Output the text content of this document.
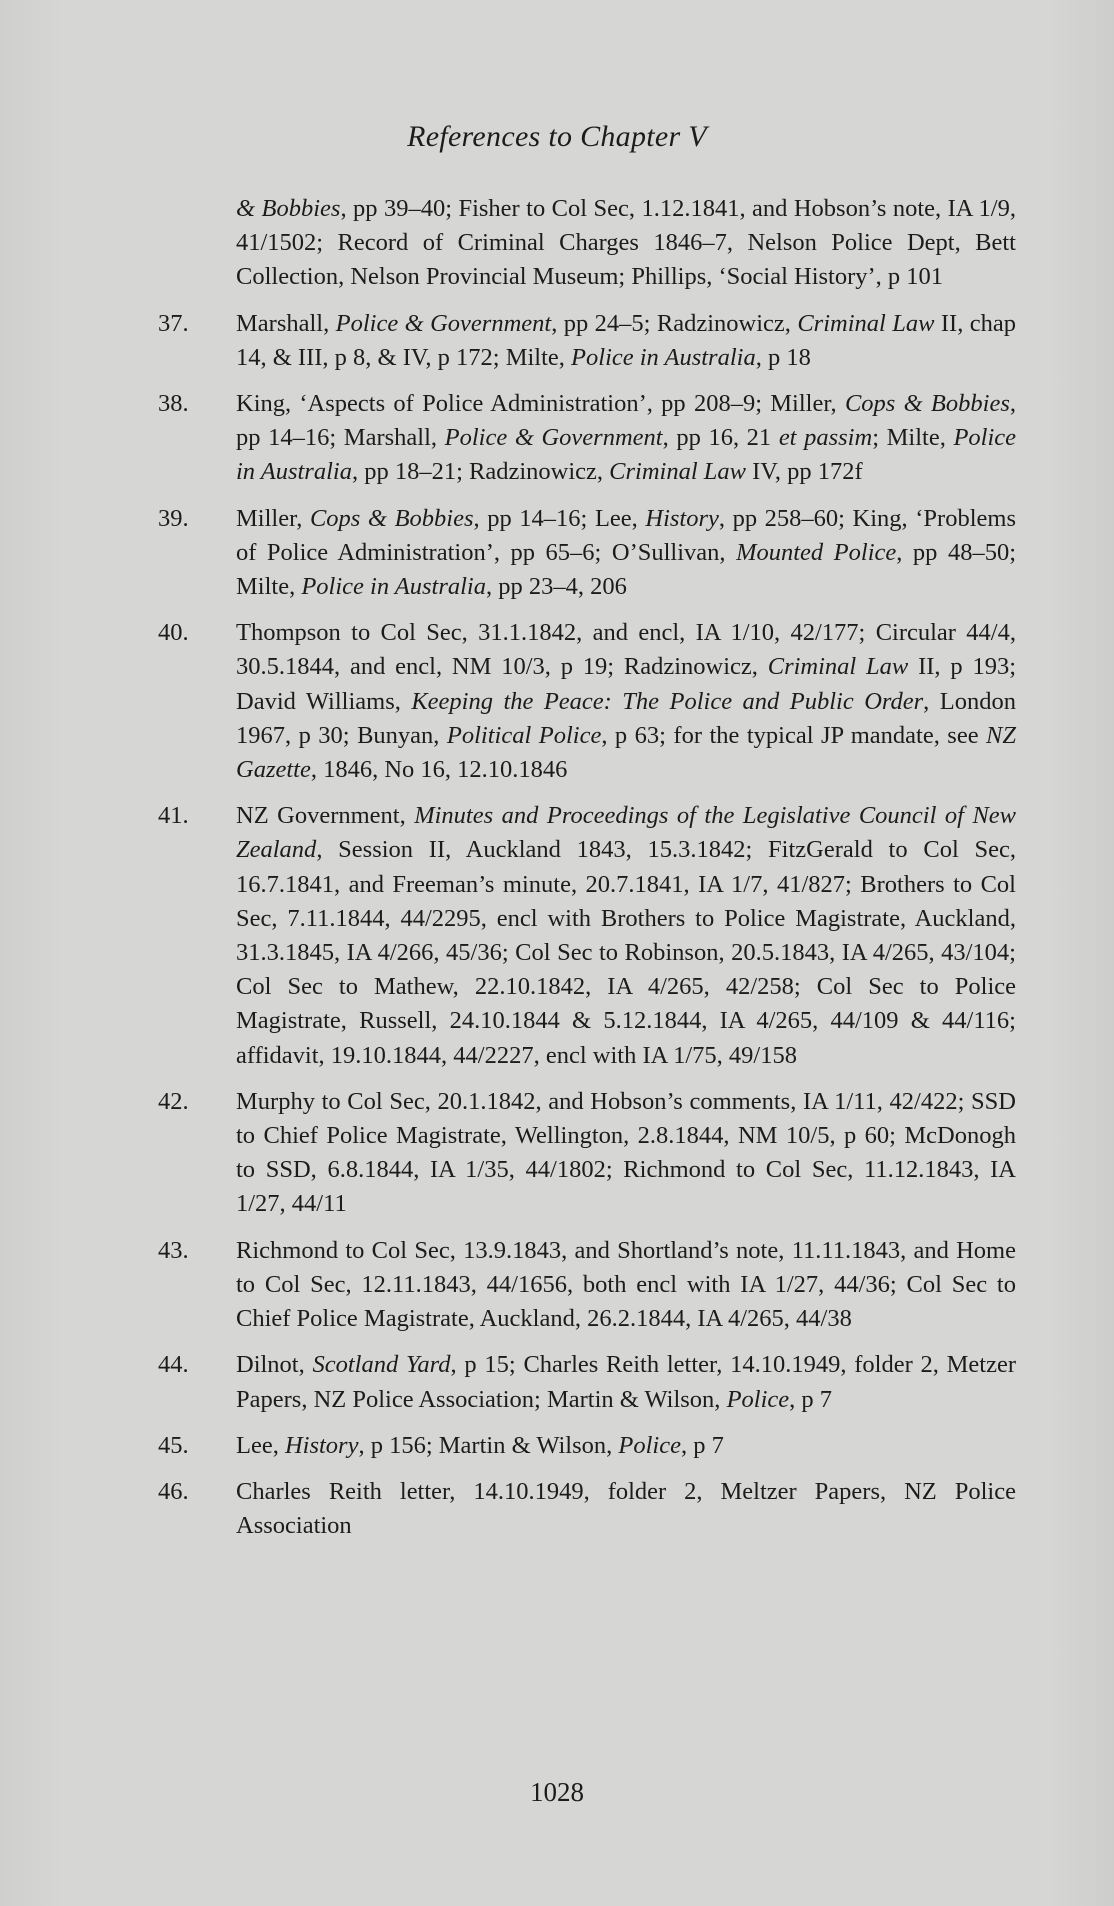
References to Chapter V
& Bobbies, pp 39–40; Fisher to Col Sec, 1.12.1841, and Hobson’s note, IA 1/9, 41/1502; Record of Criminal Charges 1846–7, Nelson Police Dept, Bett Collection, Nelson Provincial Museum; Phillips, ‘Social History’, p 101
37.	Marshall, Police & Government, pp 24–5; Radzinowicz, Criminal Law II, chap 14, & III, p 8, & IV, p 172; Milte, Police in Australia, p 18
38.	King, ‘Aspects of Police Administration’, pp 208–9; Miller, Cops & Bobbies, pp 14–16; Marshall, Police & Government, pp 16, 21 et passim; Milte, Police in Australia, pp 18–21; Radzinowicz, Criminal Law IV, pp 172f
39.	Miller, Cops & Bobbies, pp 14–16; Lee, History, pp 258–60; King, ‘Problems of Police Administration’, pp 65–6; O’Sullivan, Mounted Police, pp 48–50; Milte, Police in Australia, pp 23–4, 206
40.	Thompson to Col Sec, 31.1.1842, and encl, IA 1/10, 42/177; Circular 44/4, 30.5.1844, and encl, NM 10/3, p 19; Radzinowicz, Criminal Law II, p 193; David Williams, Keeping the Peace: The Police and Public Order, London 1967, p 30; Bunyan, Political Police, p 63; for the typical JP mandate, see NZ Gazette, 1846, No 16, 12.10.1846
41.	NZ Government, Minutes and Proceedings of the Legislative Council of New Zealand, Session II, Auckland 1843, 15.3.1842; FitzGerald to Col Sec, 16.7.1841, and Freeman’s minute, 20.7.1841, IA 1/7, 41/827; Brothers to Col Sec, 7.11.1844, 44/2295, encl with Brothers to Police Magistrate, Auckland, 31.3.1845, IA 4/266, 45/36; Col Sec to Robinson, 20.5.1843, IA 4/265, 43/104; Col Sec to Mathew, 22.10.1842, IA 4/265, 42/258; Col Sec to Police Magistrate, Russell, 24.10.1844 & 5.12.1844, IA 4/265, 44/109 & 44/116; affidavit, 19.10.1844, 44/2227, encl with IA 1/75, 49/158
42.	Murphy to Col Sec, 20.1.1842, and Hobson’s comments, IA 1/11, 42/422; SSD to Chief Police Magistrate, Wellington, 2.8.1844, NM 10/5, p 60; McDonogh to SSD, 6.8.1844, IA 1/35, 44/1802; Richmond to Col Sec, 11.12.1843, IA 1/27, 44/11
43.	Richmond to Col Sec, 13.9.1843, and Shortland’s note, 11.11.1843, and Home to Col Sec, 12.11.1843, 44/1656, both encl with IA 1/27, 44/36; Col Sec to Chief Police Magistrate, Auckland, 26.2.1844, IA 4/265, 44/38
44.	Dilnot, Scotland Yard, p 15; Charles Reith letter, 14.10.1949, folder 2, Metzer Papers, NZ Police Association; Martin & Wilson, Police, p 7
45.	Lee, History, p 156; Martin & Wilson, Police, p 7
46.	Charles Reith letter, 14.10.1949, folder 2, Meltzer Papers, NZ Police Association
1028
